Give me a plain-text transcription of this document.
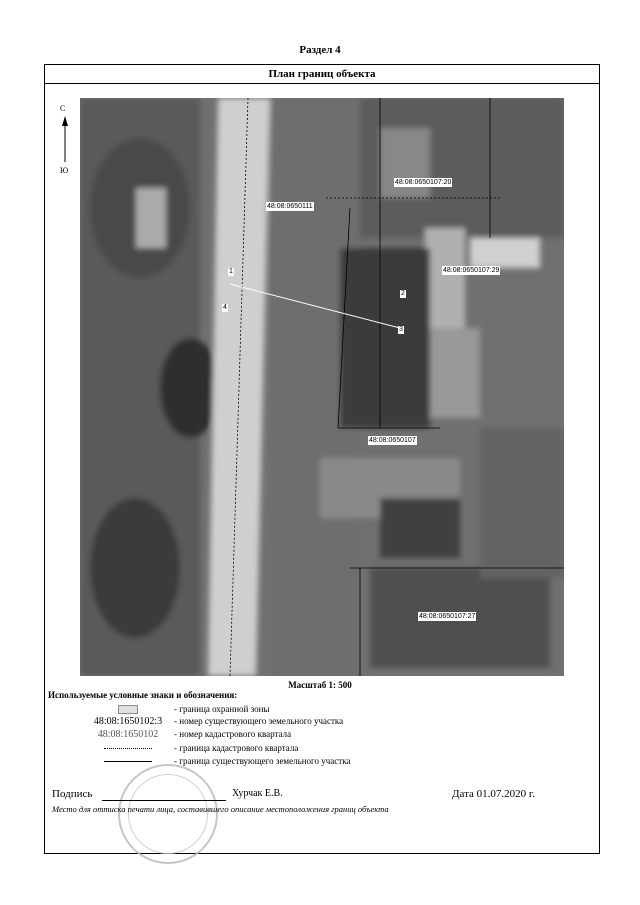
Раздел 4
План границ объекта
С
Ю
48:08:0650111
48:08:0650107:20
48:08:0650107:29
48:08:0650107
48:08:0650107:27
1
4
2
3
Масштаб 1: 500
Используемые условные знаки и обозначения:
- граница охранной зоны
48:08:1650102:3	- номер существующего земельного участка
48:08:1650102	- номер кадастрового квартала
- граница кадастрового квартала
- граница существующего земельного участка
Подпись	Хурчак Е.В.	Дата 01.07.2020 г.
Место для оттиска печати лица, составившего описание местоположения границ объекта
